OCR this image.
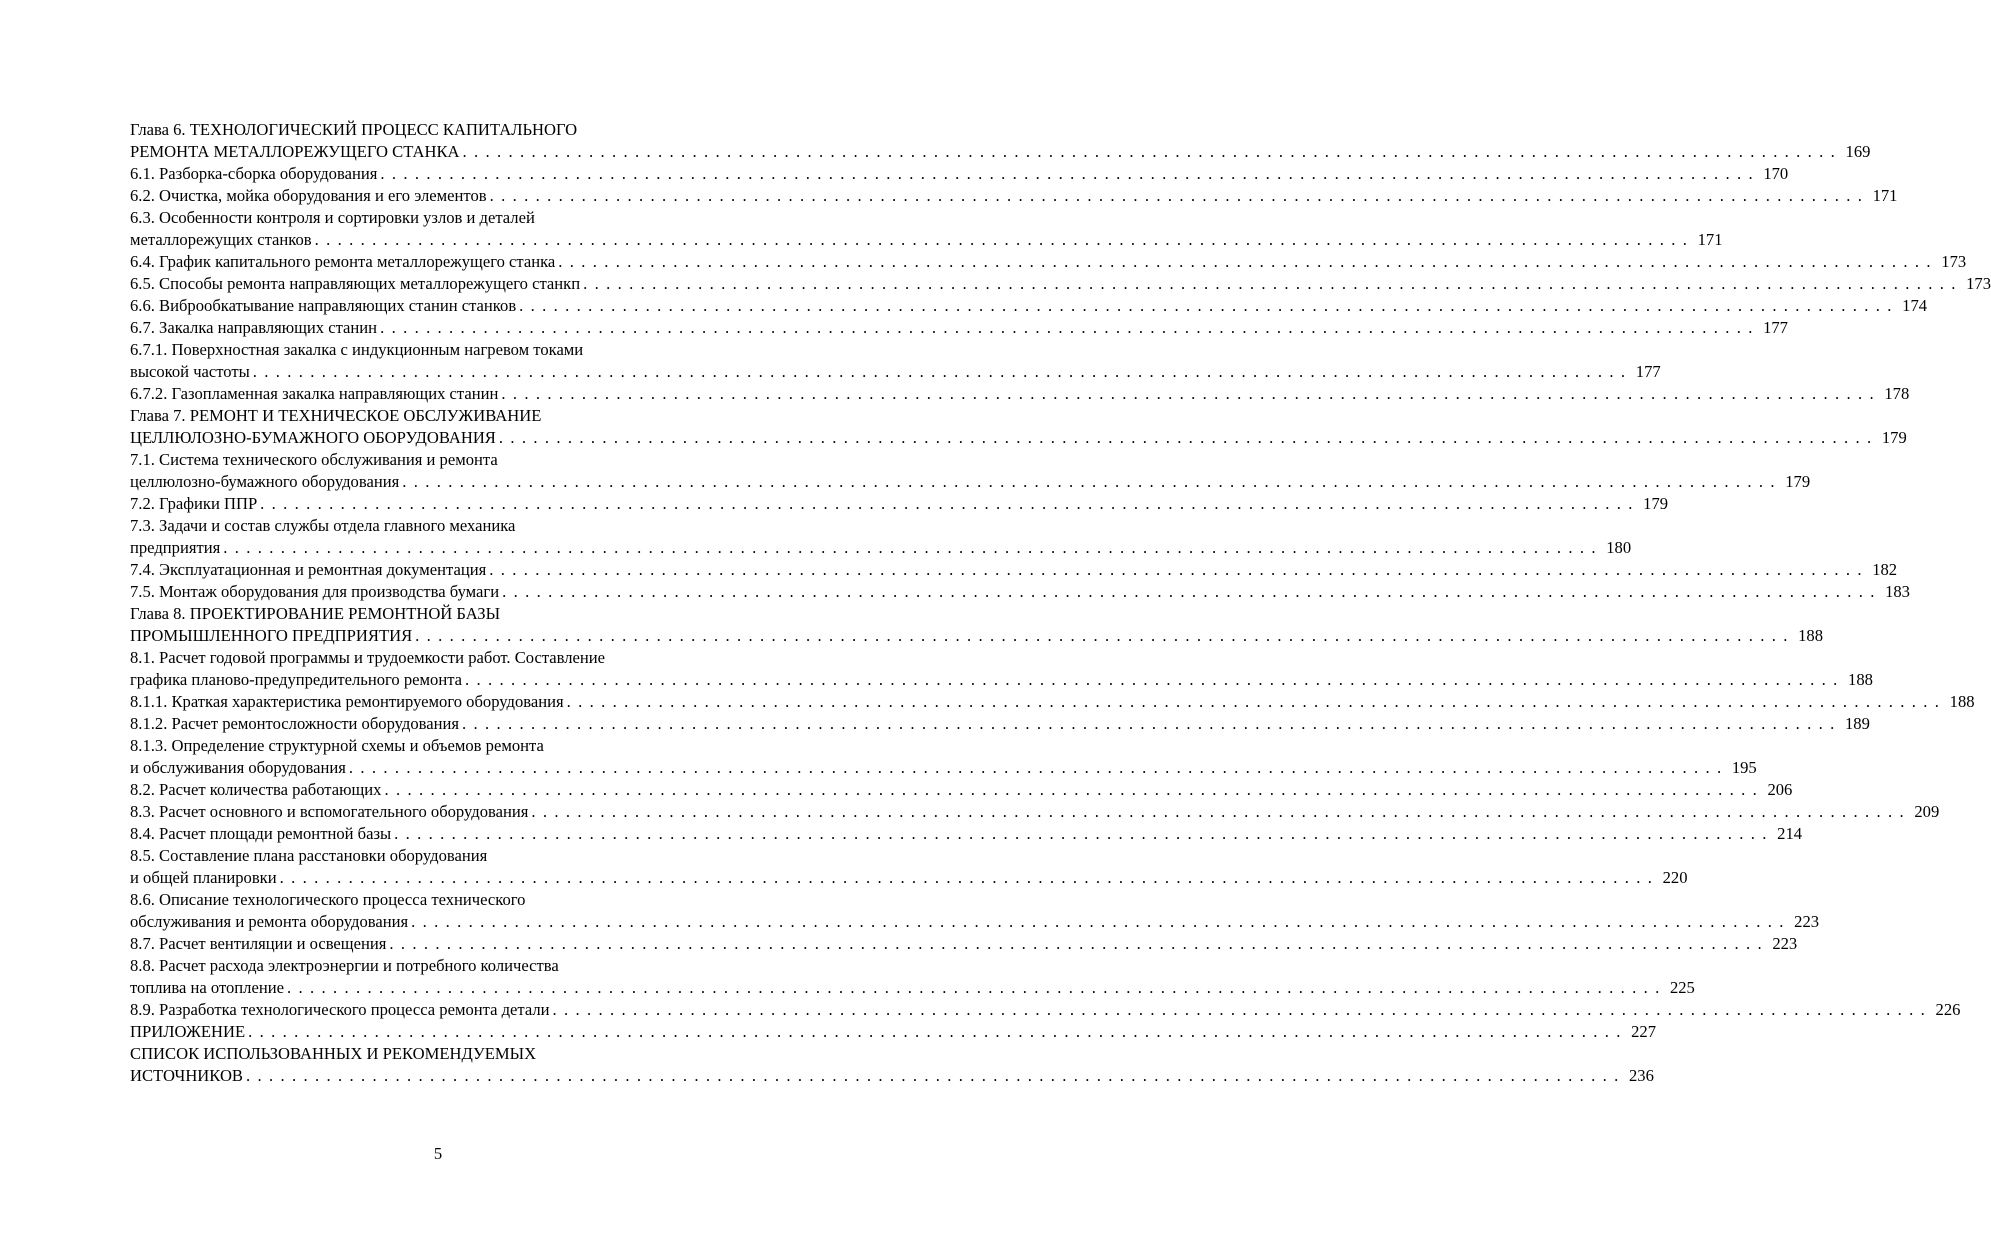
Глава 6. ТЕХНОЛОГИЧЕСКИЙ ПРОЦЕСС КАПИТАЛЬНОГО
РЕМОНТА МЕТАЛЛОРЕЖУЩЕГО СТАНКА . . . . . . . . . . . . . . . . . . . . . . . . . . . . . . . . . . . . . . . . . . . . . . . . . . . . . . . . . . . . . . . . . . . . . . . . . . . . . . . . . . . . . . . . . . . . . . . . . . . . . . . . . . . . . . . . . . . . . . . . 169
6.1. Разборка-сборка оборудования . . . . . . . . . . . . . . . . . . . . . . . . . . . . . . . . . . . . . . . . . . . . . . . . . . . . . . . . . . . . . . . . . . . . . . . . . . . . . . . . . . . . . . . . . . . . . . . . . . . . . . . . . . . . . . . . . . . . . . . . 170
6.2. Очистка, мойка оборудования и его элементов . . . . . . . . . . . . . . . . . . . . . . . . . . . . . . . . . . . . . . . . . . . . . . . . . . . . . . . . . . . . . . . . . . . . . . . . . . . . . . . . . . . . . . . . . . . . . . . . . . . . . . . . . . . . . . . . . . . . . . . . 171
6.3. Особенности контроля и сортировки узлов и деталей
металлорежущих станков . . . . . . . . . . . . . . . . . . . . . . . . . . . . . . . . . . . . . . . . . . . . . . . . . . . . . . . . . . . . . . . . . . . . . . . . . . . . . . . . . . . . . . . . . . . . . . . . . . . . . . . . . . . . . . . . . . . . . . . . 171
6.4. График капитального ремонта металлорежущего станка . . . . . . . . . . . . . . . . . . . . . . . . . . . . . . . . . . . . . . . . . . . . . . . . . . . . . . . . . . . . . . . . . . . . . . . . . . . . . . . . . . . . . . . . . . . . . . . . . . . . . . . . . . . . . . . . . . . . . . . . 173
6.5. Способы ремонта направляющих металлорежущего станкп . . . . . . . . . . . . . . . . . . . . . . . . . . . . . . . . . . . . . . . . . . . . . . . . . . . . . . . . . . . . . . . . . . . . . . . . . . . . . . . . . . . . . . . . . . . . . . . . . . . . . . . . . . . . . . . . . . . . . . . . 173
6.6. Виброобкатывание направляющих станин станков . . . . . . . . . . . . . . . . . . . . . . . . . . . . . . . . . . . . . . . . . . . . . . . . . . . . . . . . . . . . . . . . . . . . . . . . . . . . . . . . . . . . . . . . . . . . . . . . . . . . . . . . . . . . . . . . . . . . . . . . 174
6.7. Закалка направляющих станин . . . . . . . . . . . . . . . . . . . . . . . . . . . . . . . . . . . . . . . . . . . . . . . . . . . . . . . . . . . . . . . . . . . . . . . . . . . . . . . . . . . . . . . . . . . . . . . . . . . . . . . . . . . . . . . . . . . . . . . . 177
6.7.1. Поверхностная закалка с индукционным нагревом токами
высокой частоты . . . . . . . . . . . . . . . . . . . . . . . . . . . . . . . . . . . . . . . . . . . . . . . . . . . . . . . . . . . . . . . . . . . . . . . . . . . . . . . . . . . . . . . . . . . . . . . . . . . . . . . . . . . . . . . . . . . . . . . . 177
6.7.2. Газопламенная закалка направляющих станин . . . . . . . . . . . . . . . . . . . . . . . . . . . . . . . . . . . . . . . . . . . . . . . . . . . . . . . . . . . . . . . . . . . . . . . . . . . . . . . . . . . . . . . . . . . . . . . . . . . . . . . . . . . . . . . . . . . . . . . . 178
Глава 7. РЕМОНТ И ТЕХНИЧЕСКОЕ ОБСЛУЖИВАНИЕ
ЦЕЛЛЮЛОЗНО-БУМАЖНОГО ОБОРУДОВАНИЯ . . . . . . . . . . . . . . . . . . . . . . . . . . . . . . . . . . . . . . . . . . . . . . . . . . . . . . . . . . . . . . . . . . . . . . . . . . . . . . . . . . . . . . . . . . . . . . . . . . . . . . . . . . . . . . . . . . . . . . . . 179
7.1. Система технического обслуживания и ремонта
целлюлозно-бумажного оборудования . . . . . . . . . . . . . . . . . . . . . . . . . . . . . . . . . . . . . . . . . . . . . . . . . . . . . . . . . . . . . . . . . . . . . . . . . . . . . . . . . . . . . . . . . . . . . . . . . . . . . . . . . . . . . . . . . . . . . . . . 179
7.2. Графики ППР . . . . . . . . . . . . . . . . . . . . . . . . . . . . . . . . . . . . . . . . . . . . . . . . . . . . . . . . . . . . . . . . . . . . . . . . . . . . . . . . . . . . . . . . . . . . . . . . . . . . . . . . . . . . . . . . . . . . . . . . 179
7.3. Задачи и состав службы отдела главного механика
предприятия . . . . . . . . . . . . . . . . . . . . . . . . . . . . . . . . . . . . . . . . . . . . . . . . . . . . . . . . . . . . . . . . . . . . . . . . . . . . . . . . . . . . . . . . . . . . . . . . . . . . . . . . . . . . . . . . . . . . . . . . 180
7.4. Эксплуатационная и ремонтная документация . . . . . . . . . . . . . . . . . . . . . . . . . . . . . . . . . . . . . . . . . . . . . . . . . . . . . . . . . . . . . . . . . . . . . . . . . . . . . . . . . . . . . . . . . . . . . . . . . . . . . . . . . . . . . . . . . . . . . . . . 182
7.5. Монтаж оборудования для производства бумаги . . . . . . . . . . . . . . . . . . . . . . . . . . . . . . . . . . . . . . . . . . . . . . . . . . . . . . . . . . . . . . . . . . . . . . . . . . . . . . . . . . . . . . . . . . . . . . . . . . . . . . . . . . . . . . . . . . . . . . . . 183
Глава 8. ПРОЕКТИРОВАНИЕ РЕМОНТНОЙ БАЗЫ
ПРОМЫШЛЕННОГО ПРЕДПРИЯТИЯ . . . . . . . . . . . . . . . . . . . . . . . . . . . . . . . . . . . . . . . . . . . . . . . . . . . . . . . . . . . . . . . . . . . . . . . . . . . . . . . . . . . . . . . . . . . . . . . . . . . . . . . . . . . . . . . . . . . . . . . . 188
8.1. Расчет годовой программы и трудоемкости работ. Составление
графика планово-предупредительного ремонта . . . . . . . . . . . . . . . . . . . . . . . . . . . . . . . . . . . . . . . . . . . . . . . . . . . . . . . . . . . . . . . . . . . . . . . . . . . . . . . . . . . . . . . . . . . . . . . . . . . . . . . . . . . . . . . . . . . . . . . . 188
8.1.1. Краткая характеристика ремонтируемого оборудования . . . . . . . . . . . . . . . . . . . . . . . . . . . . . . . . . . . . . . . . . . . . . . . . . . . . . . . . . . . . . . . . . . . . . . . . . . . . . . . . . . . . . . . . . . . . . . . . . . . . . . . . . . . . . . . . . . . . . . . . 188
8.1.2. Расчет ремонтосложности оборудования . . . . . . . . . . . . . . . . . . . . . . . . . . . . . . . . . . . . . . . . . . . . . . . . . . . . . . . . . . . . . . . . . . . . . . . . . . . . . . . . . . . . . . . . . . . . . . . . . . . . . . . . . . . . . . . . . . . . . . . . 189
8.1.3. Определение структурной схемы и объемов ремонта
и обслуживания оборудования . . . . . . . . . . . . . . . . . . . . . . . . . . . . . . . . . . . . . . . . . . . . . . . . . . . . . . . . . . . . . . . . . . . . . . . . . . . . . . . . . . . . . . . . . . . . . . . . . . . . . . . . . . . . . . . . . . . . . . . . 195
8.2. Расчет количества работающих . . . . . . . . . . . . . . . . . . . . . . . . . . . . . . . . . . . . . . . . . . . . . . . . . . . . . . . . . . . . . . . . . . . . . . . . . . . . . . . . . . . . . . . . . . . . . . . . . . . . . . . . . . . . . . . . . . . . . . . . 206
8.3. Расчет основного и вспомогательного оборудования . . . . . . . . . . . . . . . . . . . . . . . . . . . . . . . . . . . . . . . . . . . . . . . . . . . . . . . . . . . . . . . . . . . . . . . . . . . . . . . . . . . . . . . . . . . . . . . . . . . . . . . . . . . . . . . . . . . . . . . . 209
8.4. Расчет площади ремонтной базы . . . . . . . . . . . . . . . . . . . . . . . . . . . . . . . . . . . . . . . . . . . . . . . . . . . . . . . . . . . . . . . . . . . . . . . . . . . . . . . . . . . . . . . . . . . . . . . . . . . . . . . . . . . . . . . . . . . . . . . . 214
8.5. Составление плана расстановки оборудования
и общей планировки . . . . . . . . . . . . . . . . . . . . . . . . . . . . . . . . . . . . . . . . . . . . . . . . . . . . . . . . . . . . . . . . . . . . . . . . . . . . . . . . . . . . . . . . . . . . . . . . . . . . . . . . . . . . . . . . . . . . . . . . 220
8.6. Описание технологического процесса технического
обслуживания и ремонта оборудования . . . . . . . . . . . . . . . . . . . . . . . . . . . . . . . . . . . . . . . . . . . . . . . . . . . . . . . . . . . . . . . . . . . . . . . . . . . . . . . . . . . . . . . . . . . . . . . . . . . . . . . . . . . . . . . . . . . . . . . . 223
8.7. Расчет вентиляции и освещения . . . . . . . . . . . . . . . . . . . . . . . . . . . . . . . . . . . . . . . . . . . . . . . . . . . . . . . . . . . . . . . . . . . . . . . . . . . . . . . . . . . . . . . . . . . . . . . . . . . . . . . . . . . . . . . . . . . . . . . . 223
8.8. Расчет расхода электроэнергии и потребного количества
топлива на отопление . . . . . . . . . . . . . . . . . . . . . . . . . . . . . . . . . . . . . . . . . . . . . . . . . . . . . . . . . . . . . . . . . . . . . . . . . . . . . . . . . . . . . . . . . . . . . . . . . . . . . . . . . . . . . . . . . . . . . . . . 225
8.9. Разработка технологического процесса ремонта детали . . . . . . . . . . . . . . . . . . . . . . . . . . . . . . . . . . . . . . . . . . . . . . . . . . . . . . . . . . . . . . . . . . . . . . . . . . . . . . . . . . . . . . . . . . . . . . . . . . . . . . . . . . . . . . . . . . . . . . . . 226
ПРИЛОЖЕНИЕ . . . . . . . . . . . . . . . . . . . . . . . . . . . . . . . . . . . . . . . . . . . . . . . . . . . . . . . . . . . . . . . . . . . . . . . . . . . . . . . . . . . . . . . . . . . . . . . . . . . . . . . . . . . . . . . . . . . . . . . . 227
СПИСОК ИСПОЛЬЗОВАННЫХ И РЕКОМЕНДУЕМЫХ
ИСТОЧНИКОВ . . . . . . . . . . . . . . . . . . . . . . . . . . . . . . . . . . . . . . . . . . . . . . . . . . . . . . . . . . . . . . . . . . . . . . . . . . . . . . . . . . . . . . . . . . . . . . . . . . . . . . . . . . . . . . . . . . . . . . . . 236
5
